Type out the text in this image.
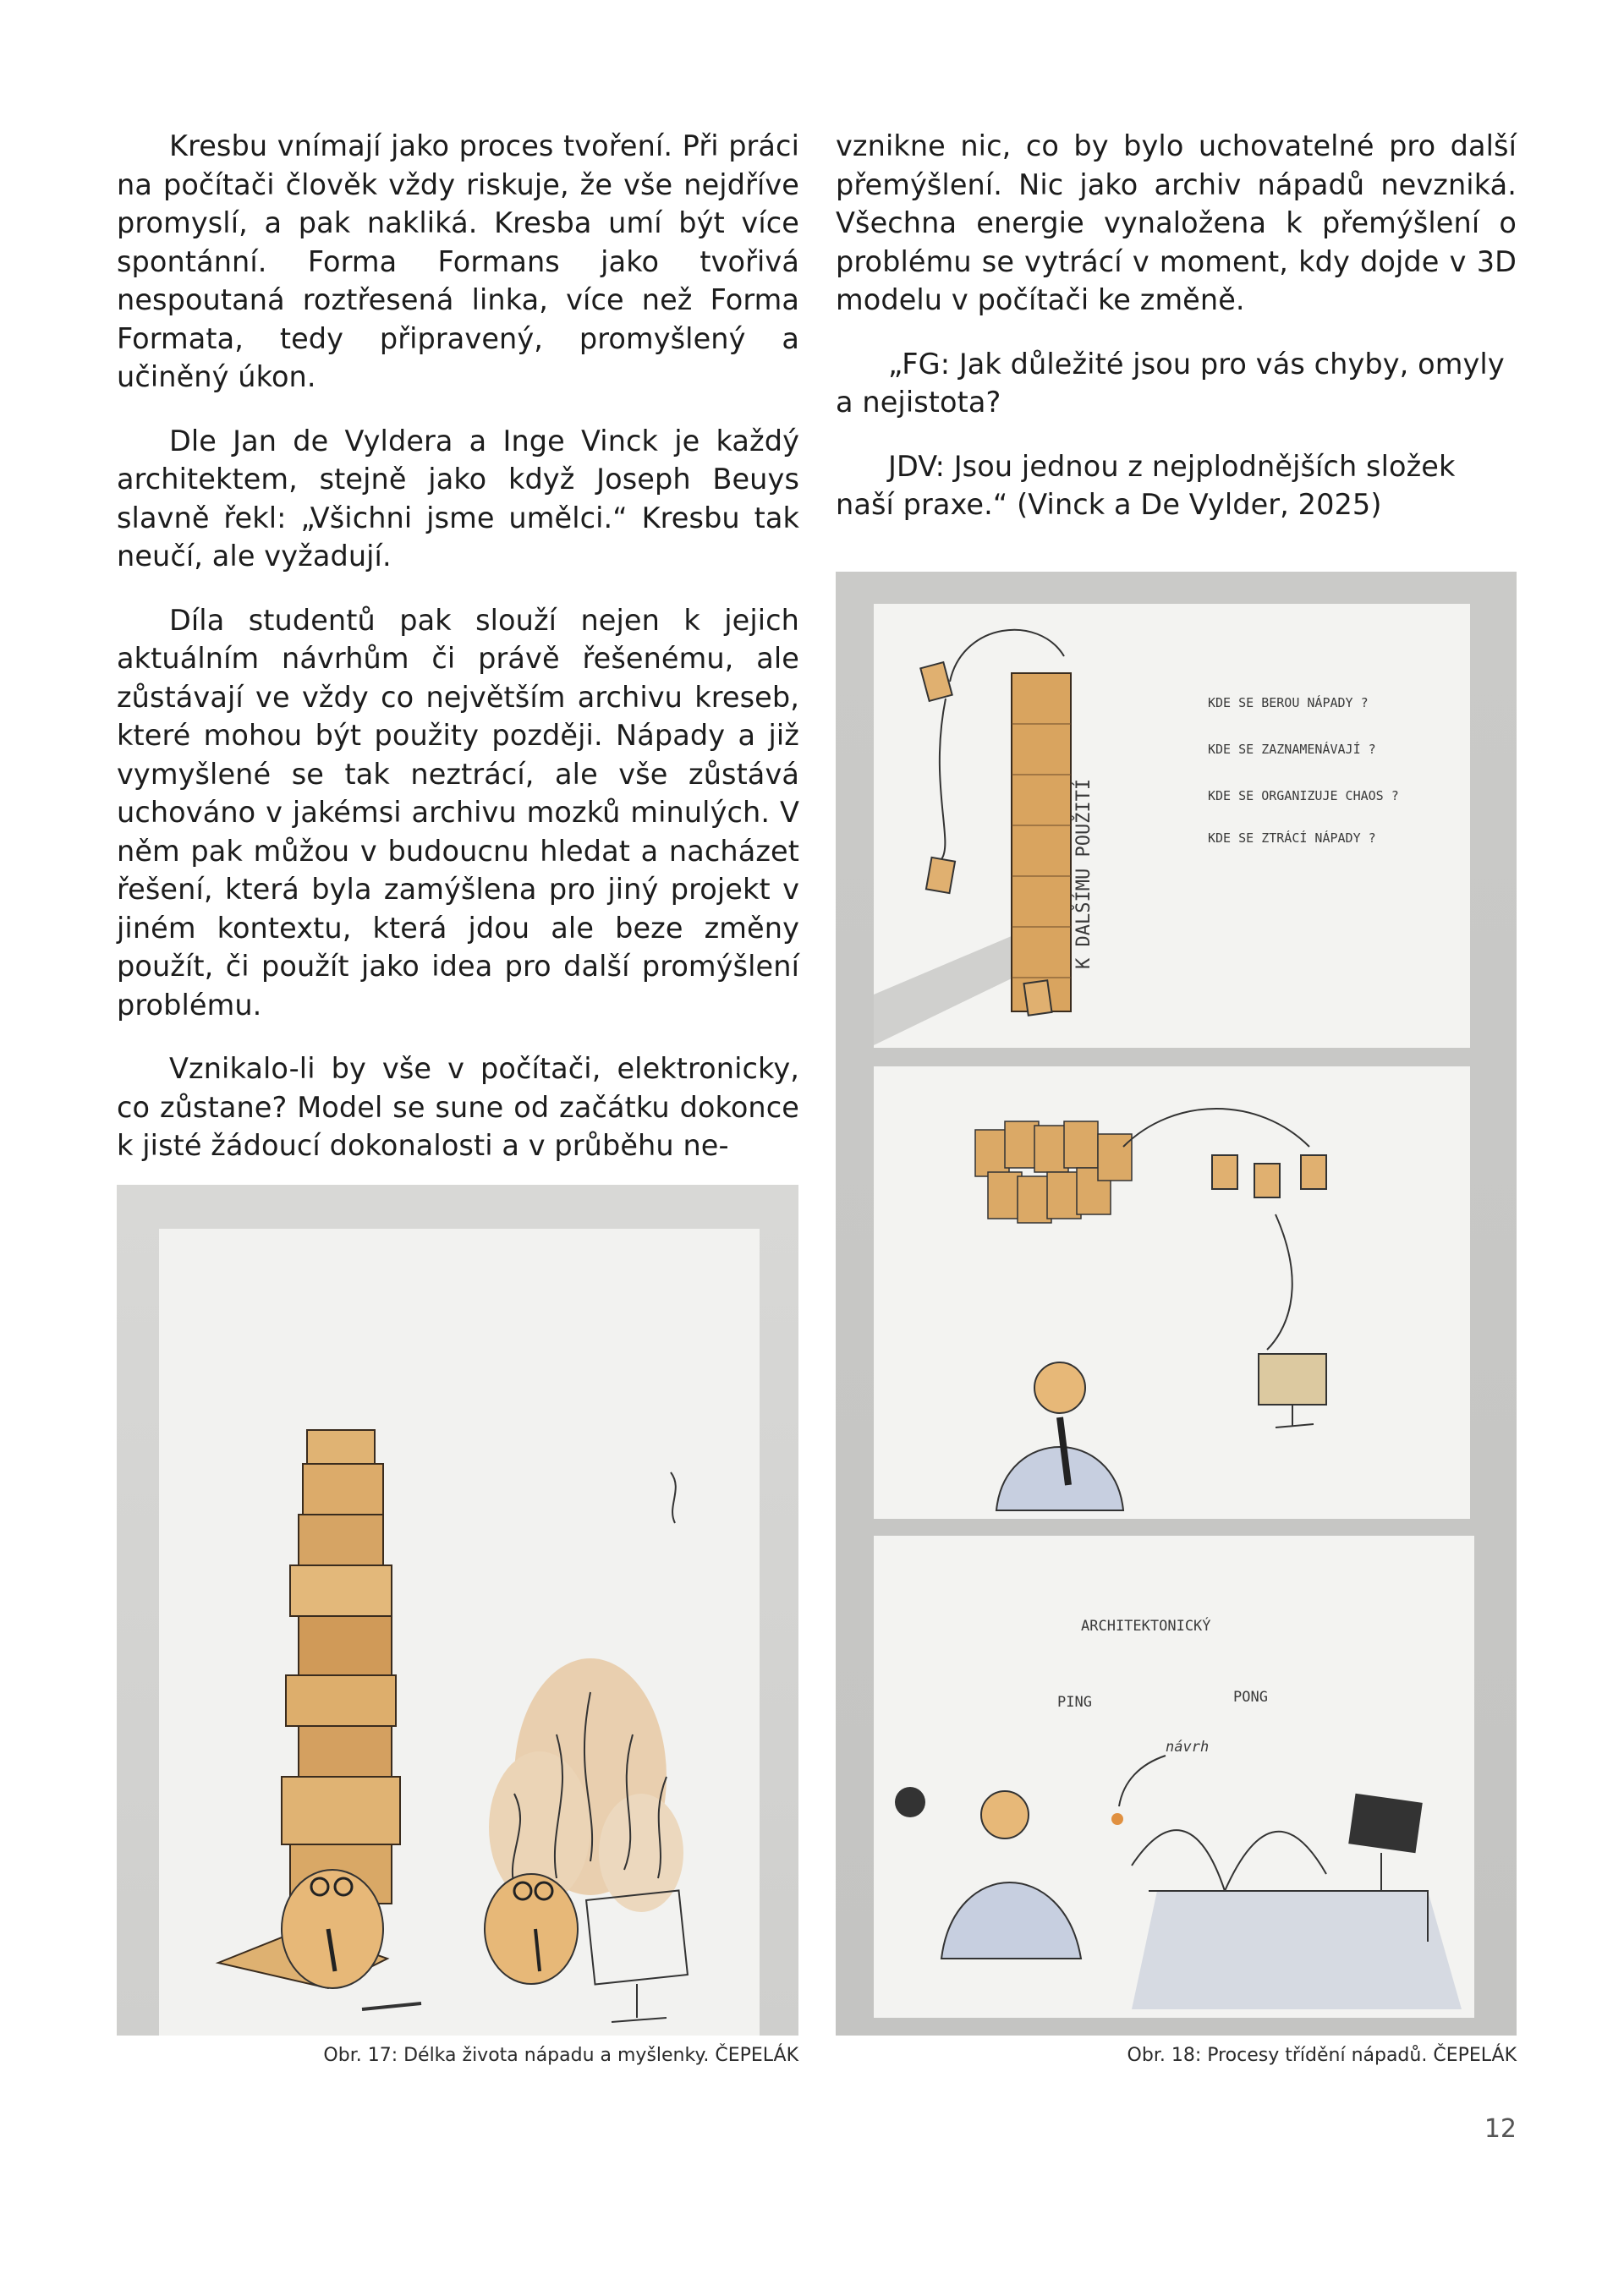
Kresbu vnímají jako proces tvoření. Při práci na počítači člověk vždy riskuje, že vše nejdříve promyslí, a pak nakliká. Kresba umí být více spontánní. Forma Formans jako tvořivá nespoutaná roztřesená linka, více než Forma Formata, tedy připravený, promyšlený a učiněný úkon.

Dle Jan de Vyldera a Inge Vinck je každý architektem, stejně jako když Joseph Beuys slavně řekl: „Všichni jsme umělci.“ Kresbu tak neučí, ale vyžadují.

Díla studentů pak slouží nejen k jejich aktuálním návrhům či právě řešenému, ale zůstávají ve vždy co největším archivu kreseb, které mohou být použity později. Nápady a již vymyšlené se tak neztrácí, ale vše zůstává uchováno v jakémsi archivu mozků minulých. V něm pak můžou v budoucnu hledat a nacházet řešení, která byla zamýšlena pro jiný projekt v jiném kontextu, která jdou ale beze změny použít, či použít jako idea pro další promýšlení problému.

Vznikalo-li by vše v počítači, elektronicky, co zůstane? Model se sune od začátku dokonce k jisté žádoucí dokonalosti a v průběhu ne-

vznikne nic, co by bylo uchovatelné pro další přemýšlení. Nic jako archiv nápadů nevzniká. Všechna energie vynaložena k přemýšlení o problému se vytrácí v moment, kdy dojde v 3D modelu v počítači ke změně.

„FG: Jak důležité jsou pro vás chyby, omyly a nejistota?

JDV: Jsou jednou z nejplodnějších složek naší praxe.“ (Vinck a De Vylder, 2025)

Obr. 17: Délka života nápadu a myšlenky. ČEPELÁK
K DALŠÍMU POUŽITÍ
KDE SE BEROU NÁPADY ?
KDE SE ZAZNAMENÁVAJÍ ?
KDE SE ORGANIZUJE CHAOS ?
KDE SE ZTRÁCÍ NÁPADY ?
ARCHITEKTONICKÝ
PING	PONG
návrh
Obr. 18: Procesy třídění nápadů. ČEPELÁK
12
